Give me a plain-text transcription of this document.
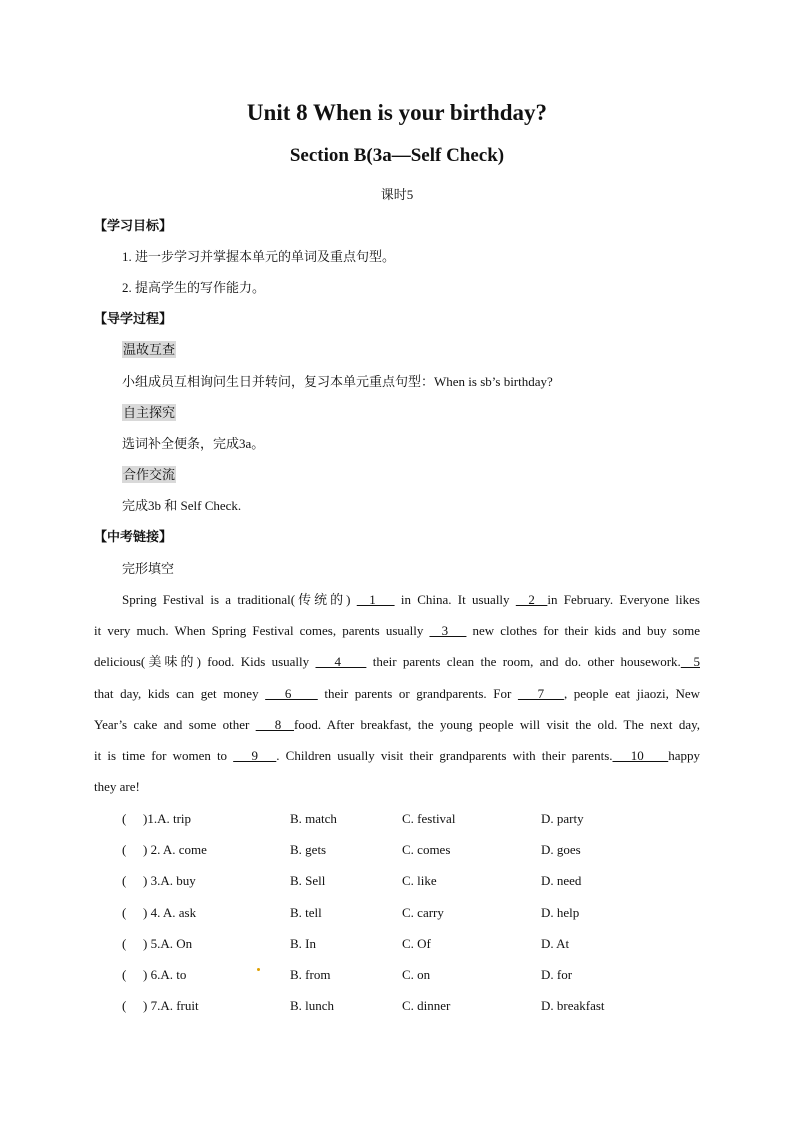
Unit 8 When is your birthday?
Section B(3a—Self Check)
课时5
【学习目标】
1. 进一步学习并掌握本单元的单词及重点句型。
2. 提高学生的写作能力。
【导学过程】
温故互查
小组成员互相询问生日并转问，复习本单元重点句型：When is sb’s birthday?
自主探究
选词补全便条，完成3a。
合作交流
完成3b 和 Self Check.
【中考链接】
完形填空
Spring Festival is a traditional(传统的)   1    in China. It usually   2  in February. Everyone likes
it very much. When Spring Festival comes, parents usually   3    new clothes for their kids and buy some
delicious(美味的) food. Kids usually    4     their parents clean the room, and do. other housework.  5
that day, kids can get money    6     their parents or grandparents. For    7   , people eat jiaozi, New
Year’s cake and some other    8  food. After breakfast, the young people will visit the old. The next day,
it is time for women to    9   . Children usually visit their grandparents with their parents.   10    happy
they are!
( )1.A. trip	B. match	C. festival	D. party
( ) 2. A. come	B. gets	C. comes	D. goes
( ) 3.A. buy	B. Sell	C. like	D. need
( ) 4. A. ask	B. tell	C. carry	D. help
( ) 5.A. On	B. In	C. Of	D. At
( ) 6.A. to	B. from	C. on	D. for
( ) 7.A. fruit	B. lunch	C. dinner	D. breakfast
